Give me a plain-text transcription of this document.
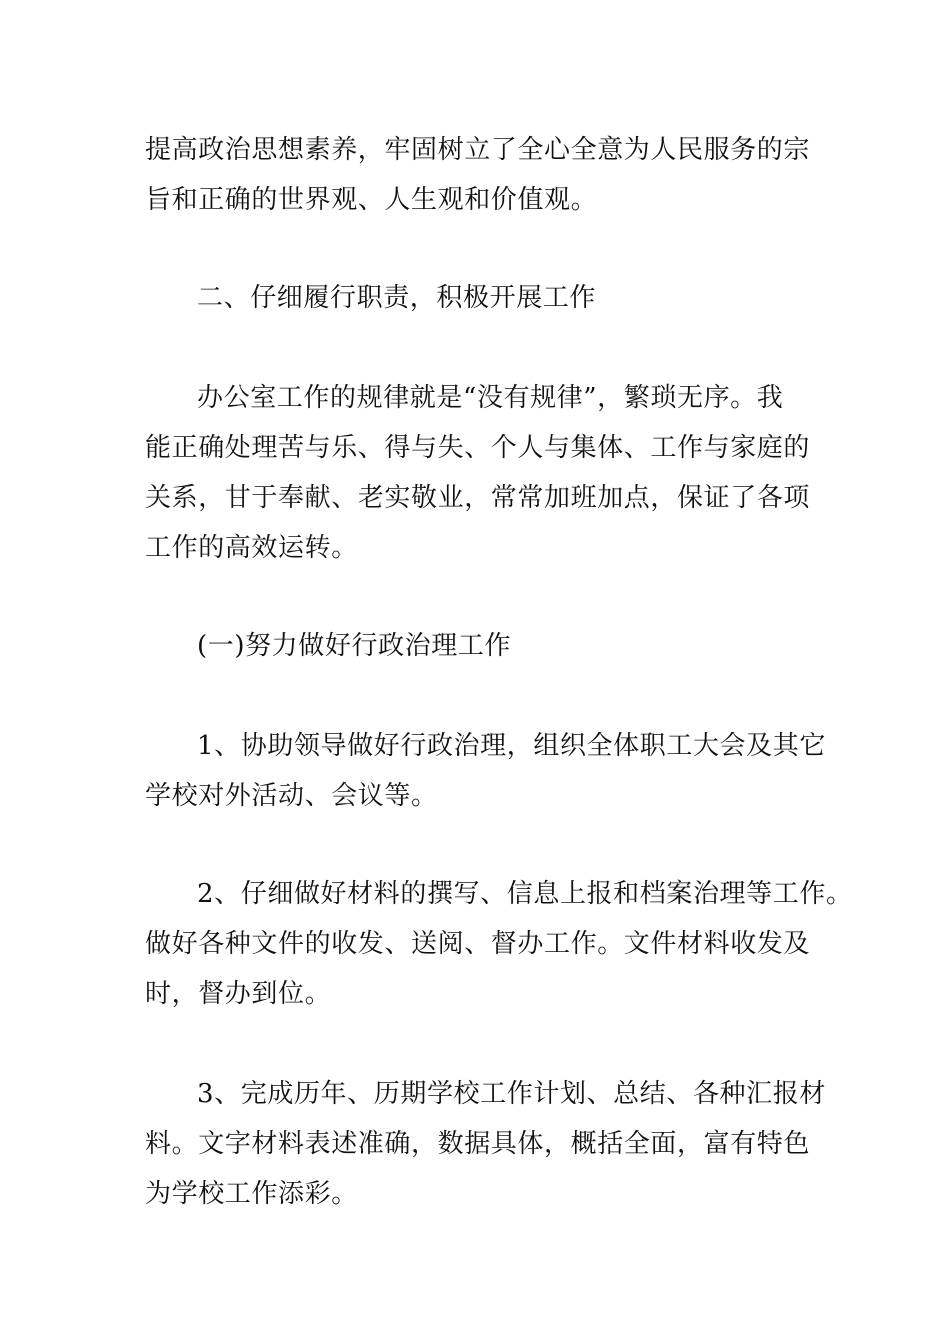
提高政治思想素养，牢固树立了全心全意为人民服务的宗
旨和正确的世界观、人生观和价值观。
二、仔细履行职责，积极开展工作
办公室工作的规律就是“没有规律”，繁琐无序。我
能正确处理苦与乐、得与失、个人与集体、工作与家庭的
关系，甘于奉献、老实敬业，常常加班加点，保证了各项
工作的高效运转。
(一)努力做好行政治理工作
1、协助领导做好行政治理，组织全体职工大会及其它
学校对外活动、会议等。
2、仔细做好材料的撰写、信息上报和档案治理等工作。
做好各种文件的收发、送阅、督办工作。文件材料收发及
时，督办到位。
3、完成历年、历期学校工作计划、总结、各种汇报材
料。文字材料表述准确，数据具体，概括全面，富有特色
为学校工作添彩。
